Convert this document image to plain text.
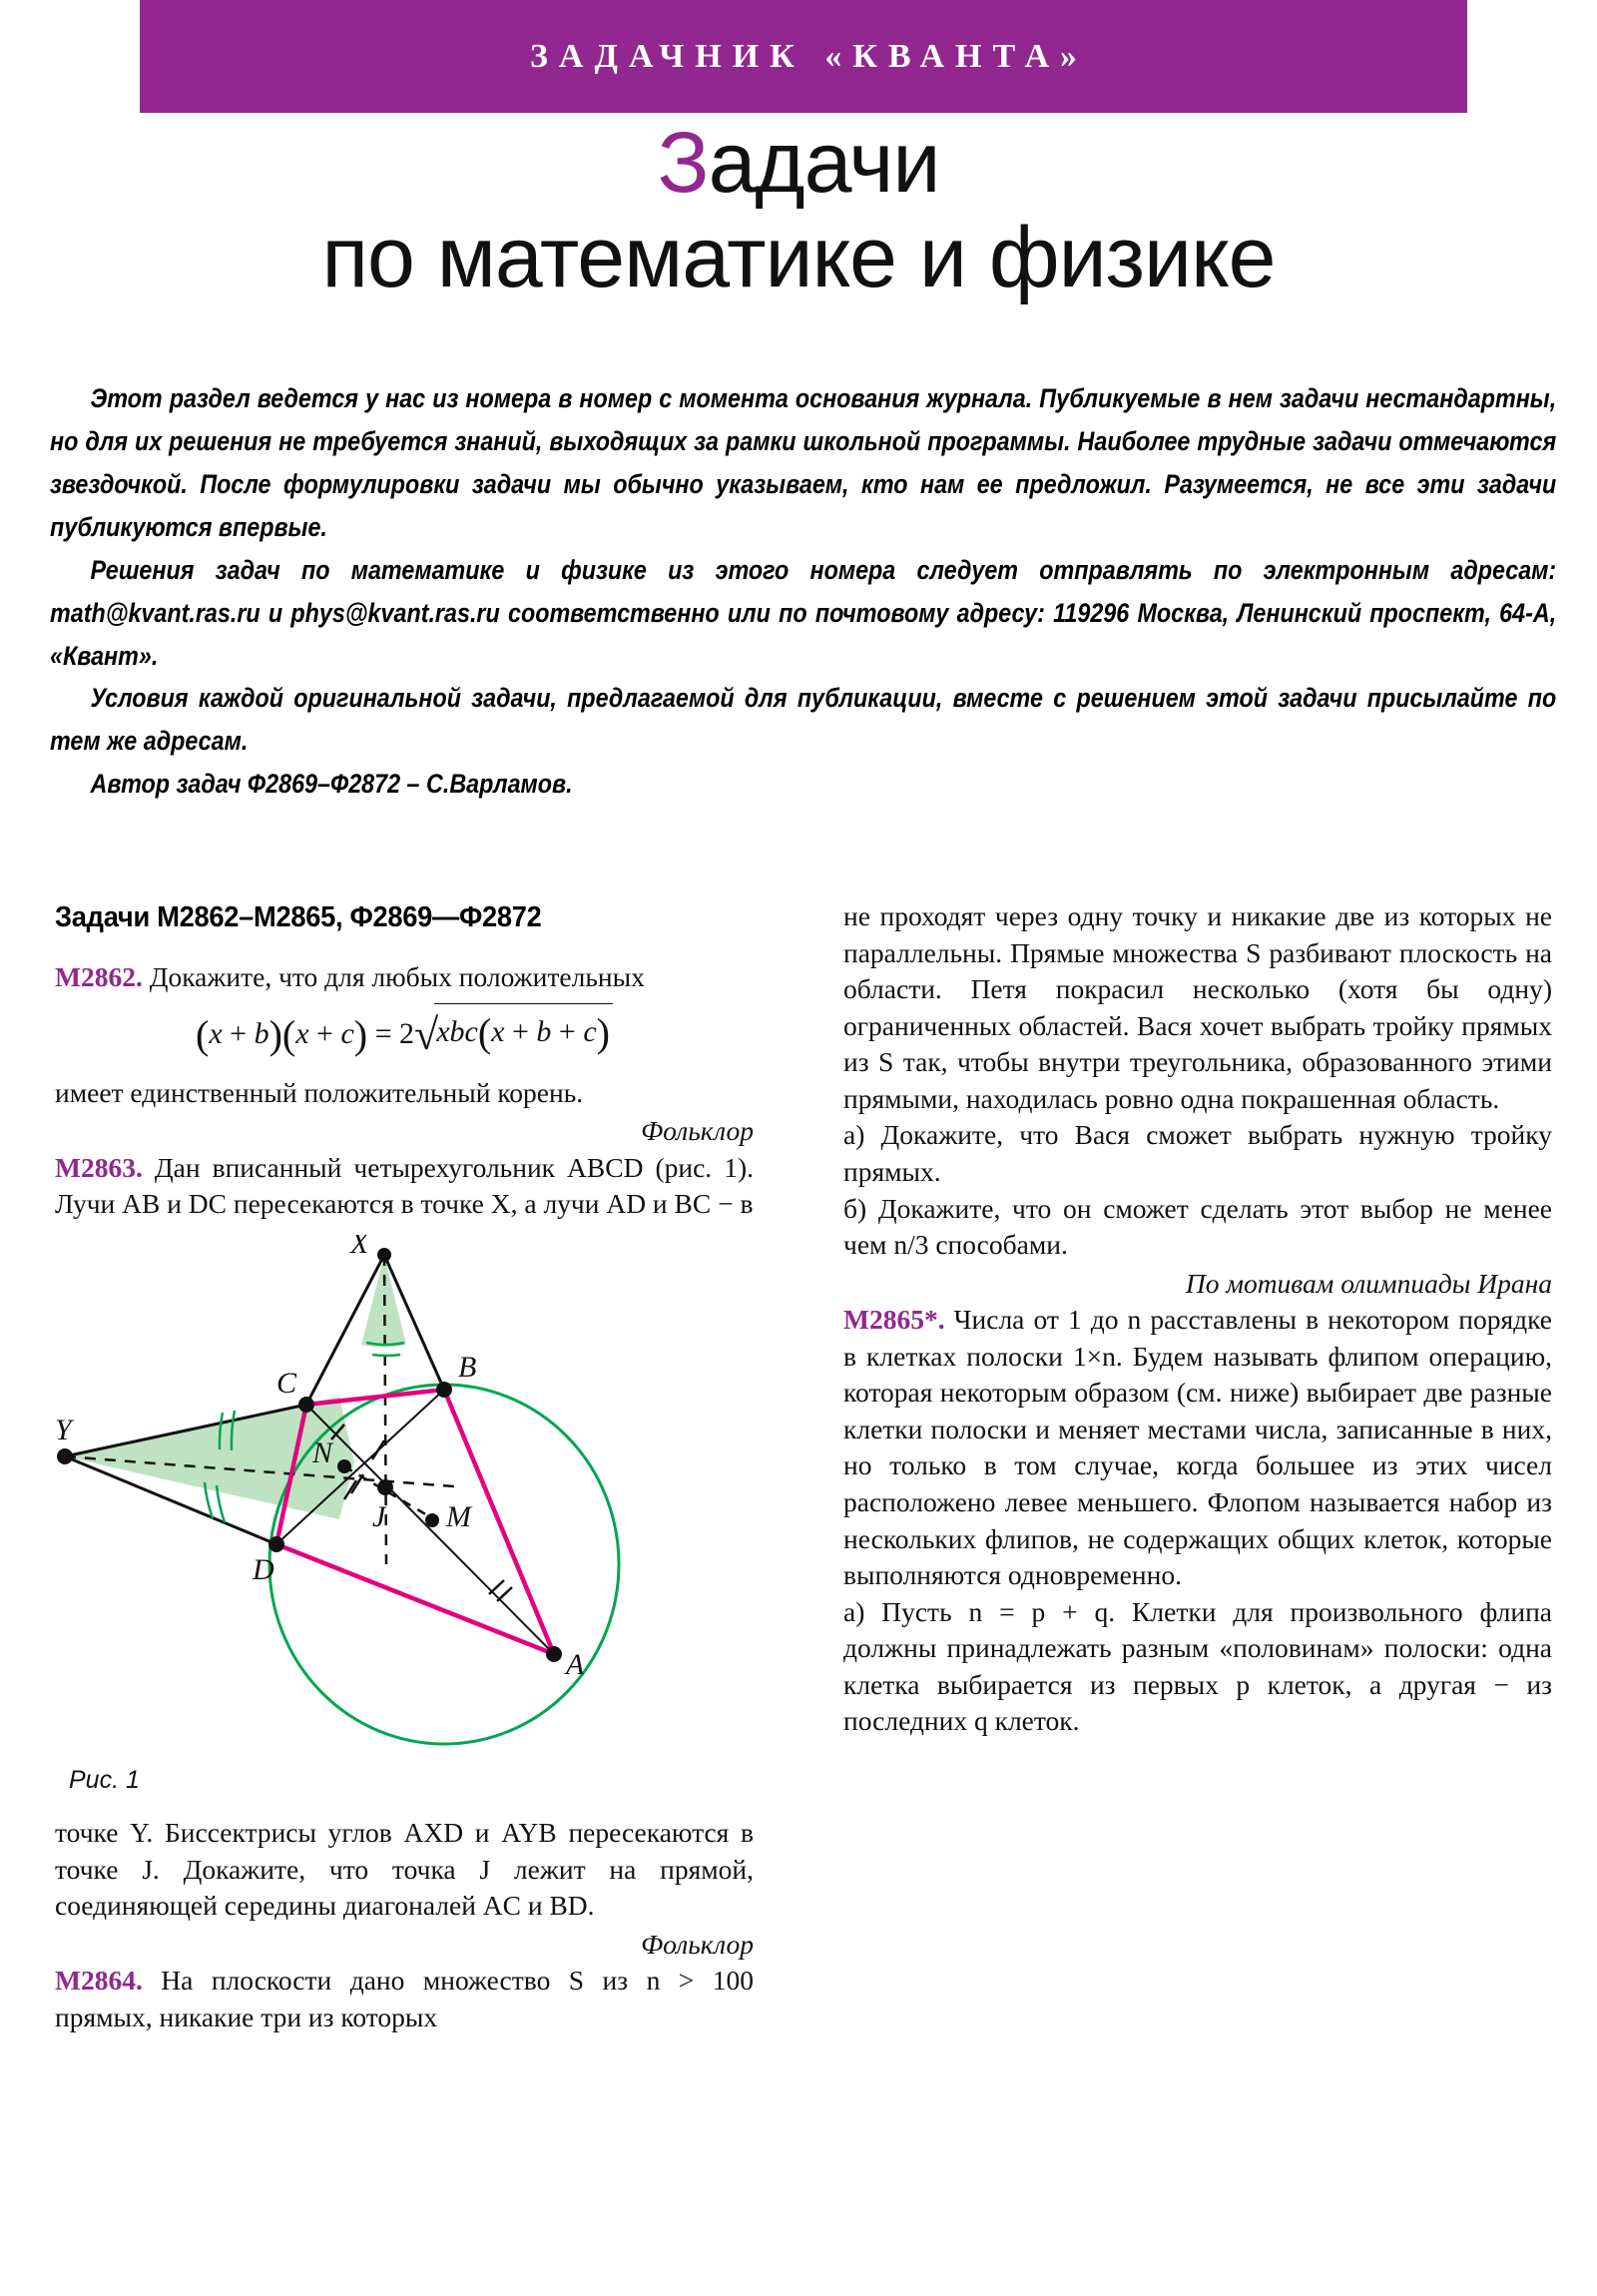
ЗАДАЧНИК «КВАНТА»
Задачи
по математике и физике

Этот раздел ведется у нас из номера в номер с момента основания журнала. Публикуемые в нем задачи нестандартны, но для их решения не требуется знаний, выходящих за рамки школьной программы. Наиболее трудные задачи отмечаются звездочкой. После формулировки задачи мы обычно указываем, кто нам ее предложил. Разумеется, не все эти задачи публикуются впервые.

Решения задач по математике и физике из этого номера следует отправлять по электронным адресам: math@kvant.ras.ru и phys@kvant.ras.ru соответственно или по почтовому адресу: 119296 Москва, Ленинский проспект, 64-А, «Квант».

Условия каждой оригинальной задачи, предлагаемой для публикации, вместе с решением этой задачи присылайте по тем же адресам.

Автор задач Ф2869–Ф2872 – С.Варламов.

Задачи М2862–М2865, Ф2869—Ф2872

M2862. Докажите, что для любых положительных

(x + b)(x + c) = 2√xbc(x + b + c)

имеет единственный положительный корень.

Фольклор

M2863. Дан вписанный четырехугольник ABCD (рис. 1). Лучи AB и DC пересекаются в точке X, а лучи AD и BC − в

X
B
C
Y
N
J M
D
A
Рис. 1

точке Y. Биссектрисы углов AXD и AYB пересекаются в точке J. Докажите, что точка J лежит на прямой, соединяющей середины диагоналей AC и BD.

Фольклор

M2864. На плоскости дано множество S из n > 100 прямых, никакие три из которых

не проходят через одну точку и никакие две из которых не параллельны. Прямые множества S разбивают плоскость на области. Петя покрасил несколько (хотя бы одну) ограниченных областей. Вася хочет выбрать тройку прямых из S так, чтобы внутри треугольника, образованного этими прямыми, находилась ровно одна покрашенная область.

а) Докажите, что Вася сможет выбрать нужную тройку прямых.

б) Докажите, что он сможет сделать этот выбор не менее чем n/3 способами.

По мотивам олимпиады Ирана

M2865*. Числа от 1 до n расставлены в некотором порядке в клетках полоски 1×n. Будем называть флипом операцию, которая некоторым образом (см. ниже) выбирает две разные клетки полоски и меняет местами числа, записанные в них, но только в том случае, когда большее из этих чисел расположено левее меньшего. Флопом называется набор из нескольких флипов, не содержащих общих клеток, которые выполняются одновременно.

а) Пусть n = p + q. Клетки для произвольного флипа должны принадлежать разным «половинам» полоски: одна клетка выбирается из первых p клеток, а другая − из последних q клеток.
